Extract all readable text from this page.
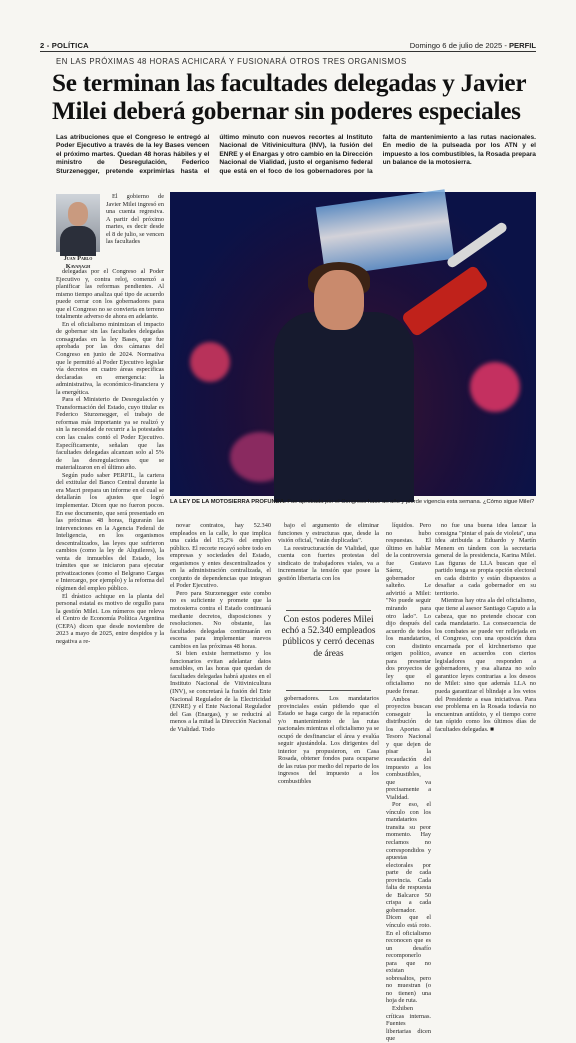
2 - POLÍTICA	Domingo 6 de julio de 2025 - PERFIL
EN LAS PRÓXIMAS 48 HORAS ACHICARÁ Y FUSIONARÁ OTROS TRES ORGANISMOS
Se terminan las facultades delegadas y Javier Milei deberá gobernar sin poderes especiales
Las atribuciones que el Congreso le entregó al Poder Ejecutivo a través de la ley Bases vencen el próximo martes. Quedan 48 horas hábiles y el ministro de Desregulación, Federico Sturzenegger, pretende exprimirlas hasta el último minuto con nuevos recortes al Instituto Nacional de Vitivinicultura (INV), la fusión del ENRE y el Enargas y otro cambio en la Dirección Nacional de Vialidad, justo el organismo federal que está en el foco de los gobernadores por la falta de mantenimiento a las rutas nacionales. En medio de la pulseada por los ATN y el impuesto a los combustibles, la Rosada prepara un balance de la motosierra.
Juan Pablo Kavanagh

El gobierno de Javier Milei ingresó en una cuenta regresiva. A partir del próximo martes, es decir desde el 8 de julio, se vencen las facultades

delegadas por el Congreso al Poder Ejecutivo y, contra reloj, comenzó a planificar las reformas pendientes. Al mismo tiempo analiza qué tipo de acuerdo puede cerrar con los gobernadores para que el Congreso no se convierta en terreno totalmente adverso de ahora en adelante.

En el oficialismo minimizan el impacto de gobernar sin las facultades delegadas consagradas en la ley Bases, que fue aprobada por las dos cámaras del Congreso en junio de 2024. Normativa que le permitió al Poder Ejecutivo legislar vía decretos en cuatro áreas específicas declaradas en emergencia: la administrativa, la económico-financiera y la energética.

Para el Ministerio de Desregulación y Transformación del Estado, cuyo titular es Federico Sturzenegger, el trabajo de reformas más importante ya se realizó y sin la necesidad de recurrir a la potestades con las cuales contó el Poder Ejecutivo. Específicamente, señalan que las facultades delegadas alcanzan solo al 5% de las desregulaciones que se materializaron en el último año.

Según pudo saber PERFIL, la cartera del extitular del Banco Central durante la era Macri prepara un informe en el cual se detallarán los ajustes que logró implementar. Dicen que no fueron pocos. En ese documento, que será presentado en las próximas 48 horas, figurarán las intervenciones en la Agencia Federal de Inteligencia, en los organismos descentralizados, las leyes que sufrieron cambios (como la ley de Alquileres), la venta de inmuebles del Estado, los trámites que se iniciaron para ejecutar privatizaciones (como el Belgrano Cargas e Intercargo, por ejemplo) y la reforma del régimen del empleo público.

El drástico achique en la planta del personal estatal es motivo de orgullo para la gestión Milei. Los números que releva el Centro de Economía Política Argentina (CEPA) dicen que desde noviembre de 2023 a mayo de 2025, entre despidos y la negativa a re-

LA LEY DE LA MOTOSIERRA PROFUNDA. Fue aprobada por el Congreso hace un año y pierde vigencia esta semana. ¿Cómo sigue Milei?

novar contratos, hay 52.340 empleados en la calle, lo que implica una caída del 15,2% del empleo público. El recorte recayó sobre todo en empresas y sociedades del Estado, organismos y entes descentralizados y en la administración centralizada, el conjunto de dependencias que integran el Poder Ejecutivo.

Pero para Sturzenegger este combo no es suficiente y promete que la motosierra contra el Estado continuará mediante decretos, disposiciones y resoluciones. No obstante, las facultades delegadas continuarán en escena para implementar nuevos cambios en las próximas 48 horas.

Si bien existe hermetismo y los funcionarios evitan adelantar datos sensibles, en las horas que quedan de facultades delegadas habrá ajustes en el Instituto Nacional de Vitivinicultura (INV), se concretará la fusión del Ente Nacional Regulador de la Electricidad (ENRE) y el Ente Nacional Regulador del Gas (Enargas), y se reducirá al menos a la mitad la Dirección Nacional de Vialidad. Todo

bajo el argumento de eliminar funciones y estructuras que, desde la visión oficial, "están duplicadas".

La reestructuración de Vialidad, que cuenta con fuertes protestas del sindicato de trabajadores viales, va a incrementar la tensión que posee la gestión libertaria con los

Con estos poderes Milei echó a 52.340 empleados públicos y cerró decenas de áreas

gobernadores. Los mandatarios provinciales están pidiendo que el Estado se haga cargo de la reparación y/o mantenimiento de las rutas nacionales mientras el oficialismo ya se ocupó de desfinanciar el área y evalúa seguir ajustándola. Los dirigentes del interior ya propusieron, en Casa Rosada, obtener fondos para ocuparse de las rutas por medio del reparto de los ingresos del impuesto a los combustibles

líquidos. Pero no hubo respuestas. El último en hablar de la controversia fue Gustavo Sáenz, gobernador salteño. Le advirtió a Milei: "No puede seguir mirando para otro lado". Lo dijo después del acuerdo de todos los mandatarios, con distinto origen político, para presentar dos proyectos de ley que el oficialismo no puede frenar.

Ambos proyectos buscan conseguir la distribución de los Aportes al Tesoro Nacional y que dejen de pisar la recaudación del impuesto a los combustibles, que va precisamente a Vialidad.

Por eso, el vínculo con los mandatarios transita su peor momento. Hay reclamos no correspondidos y apuestas electorales por parte de cada provincia. Cada falta de respuesta de Balcarce 50 crispa a cada gobernador. Dicen que el vínculo está roto. En el oficialismo reconocen que es un desafío recomponerlo para que no existan sobresaltos, pero no muestran (o no tienen) una hoja de ruta.

Exhiben críticas internas. Fuentes libertarias dicen que

no fue una buena idea lanzar la consigna "pintar el país de violeta", una idea atribuida a Eduardo y Martín Menem en tándem con la secretaria general de la presidencia, Karina Milei. Las figuras de LLA buscan que el partido tenga su propia opción electoral en cada distrito y están dispuestos a desafiar a cada gobernador en su territorio.

Mientras hay otra ala del oficialismo, que tiene al asesor Santiago Caputo a la cabeza, que no pretende chocar con cada mandatario. La consecuencia de los combates se puede ver reflejada en el Congreso, con una oposición dura encarnada por el kirchnerismo que avance en acuerdos con ciertos legisladores que responden a gobernadores, y esa alianza no solo garantice leyes contrarias a los deseos de Milei: sino que además LLA no pueda garantizar el blindaje a los vetos del Presidente a esas iniciativas. Para ese problema en la Rosada todavía no encuentran antídoto, y el tiempo corre tan rápido como los últimos días de facultades delegadas. ■
